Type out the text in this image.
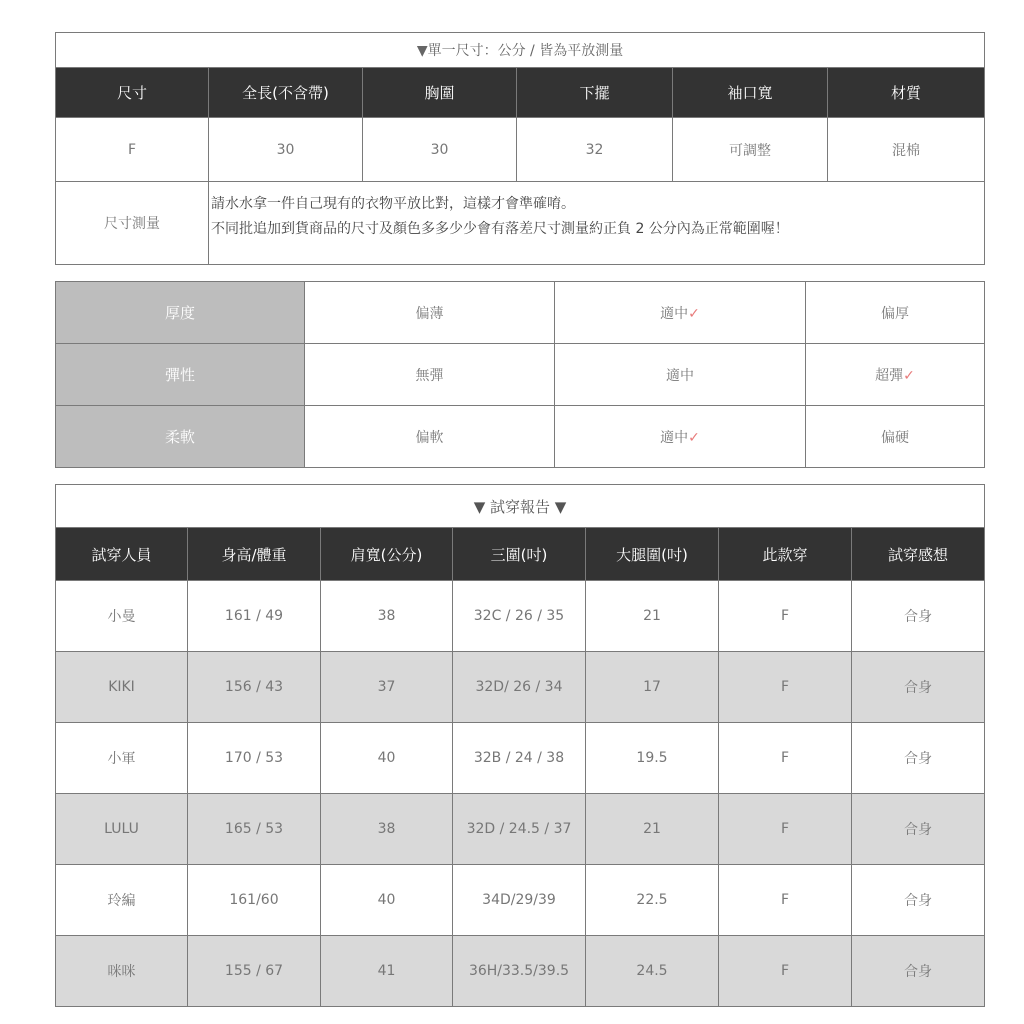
▼單一尺寸：公分 / 皆為平放測量					
尺寸	全長(不含帶)	胸圍	下擺	袖口寬	材質
F	30	30	32	可調整	混棉
尺寸測量	請水水拿一件自己現有的衣物平放比對，這樣才會準確唷。
不同批追加到貨商品的尺寸及顏色多多少少會有落差尺寸測量約正負 2 公分內為正常範圍喔！				
厚度	偏薄	適中✓	偏厚
彈性	無彈	適中	超彈✓
柔軟	偏軟	適中✓	偏硬
▼ 試穿報告 ▼						
試穿人員	身高/體重	肩寬(公分)	三圍(吋)	大腿圍(吋)	此款穿	試穿感想
小曼	161 / 49	38	32C / 26 / 35	21	F	合身
KIKI	156 / 43	37	32D/ 26 / 34	17	F	合身
小軍	170 / 53	40	32B / 24 / 38	19.5	F	合身
LULU	165 / 53	38	32D / 24.5 / 37	21	F	合身
玲編	161/60	40	34D/29/39	22.5	F	合身
咪咪	155 / 67	41	36H/33.5/39.5	24.5	F	合身
